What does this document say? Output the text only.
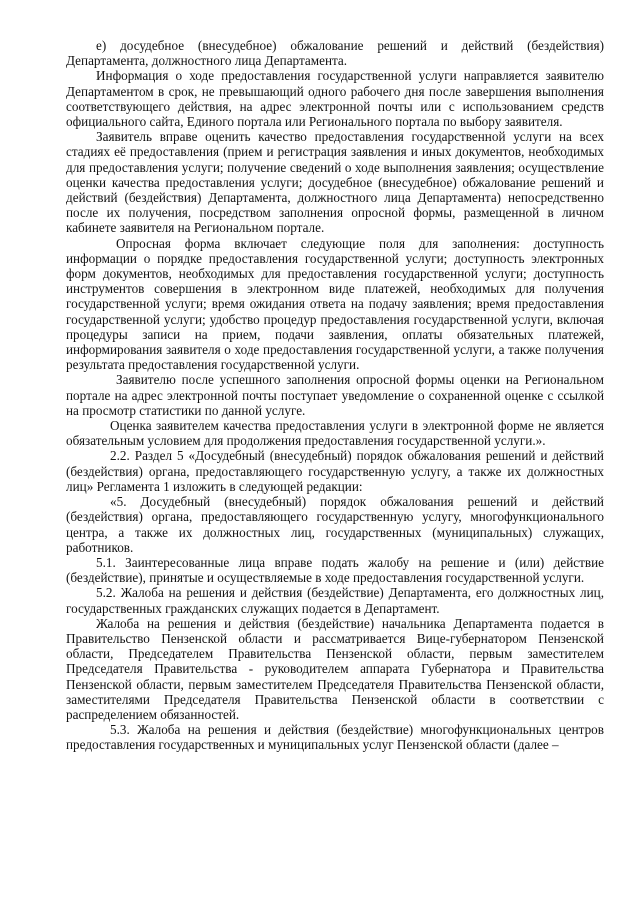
е) досудебное (внесудебное) обжалование решений и действий (бездействия) Департамента, должностного лица Департамента.

Информация о ходе предоставления государственной услуги направляется заявителю Департаментом в срок, не превышающий одного рабочего дня после завершения выполнения соответствующего действия, на адрес электронной почты или с использованием средств официального сайта, Единого портала или Регионального портала по выбору заявителя.

Заявитель вправе оценить качество предоставления государственной услуги на всех стадиях её предоставления (прием и регистрация заявления и иных документов, необходимых для предоставления услуги; получение сведений о ходе выполнения заявления; осуществление оценки качества предоставления услуги; досудебное (внесудебное) обжалование решений и действий (бездействия) Департамента, должностного лица Департамента) непосредственно после их получения, посредством заполнения опросной формы, размещенной в личном кабинете заявителя на Региональном портале.

Опросная форма включает следующие поля для заполнения: доступность информации о порядке предоставления государственной услуги; доступность электронных форм документов, необходимых для предоставления государственной услуги; доступность инструментов совершения в электронном виде платежей, необходимых для получения государственной услуги; время ожидания ответа на подачу заявления; время предоставления государственной услуги; удобство процедур предоставления государственной услуги, включая процедуры записи на прием, подачи заявления, оплаты обязательных платежей, информирования заявителя о ходе предоставления государственной услуги, а также получения результата предоставления государственной услуги.

Заявителю после успешного заполнения опросной формы оценки на Региональном портале на адрес электронной почты поступает уведомление о сохраненной оценке с ссылкой на просмотр статистики по данной услуге.

Оценка заявителем качества предоставления услуги в электронной форме не является обязательным условием для продолжения предоставления государственной услуги.».

2.2. Раздел 5 «Досудебный (внесудебный) порядок обжалования решений и действий (бездействия) органа, предоставляющего государственную услугу, а также их должностных лиц» Регламента 1 изложить в следующей редакции:

«5. Досудебный (внесудебный) порядок обжалования решений и действий (бездействия) органа, предоставляющего государственную услугу, многофункционального центра, а также их должностных лиц, государственных (муниципальных) служащих, работников.

5.1. Заинтересованные лица вправе подать жалобу на решение и (или) действие (бездействие), принятые и осуществляемые в ходе предоставления государственной услуги.

5.2. Жалоба на решения и действия (бездействие) Департамента, его должностных лиц, государственных гражданских служащих подается в Департамент.

Жалоба на решения и действия (бездействие) начальника Департамента подается в Правительство Пензенской области и рассматривается Вице-губернатором Пензенской области, Председателем Правительства Пензенской области, первым заместителем Председателя Правительства - руководителем аппарата Губернатора и Правительства Пензенской области, первым заместителем Председателя Правительства Пензенской области, заместителями Председателя Правительства Пензенской области в соответствии с распределением обязанностей.

5.3. Жалоба на решения и действия (бездействие) многофункциональных центров предоставления государственных и муниципальных услуг Пензенской области (далее –
